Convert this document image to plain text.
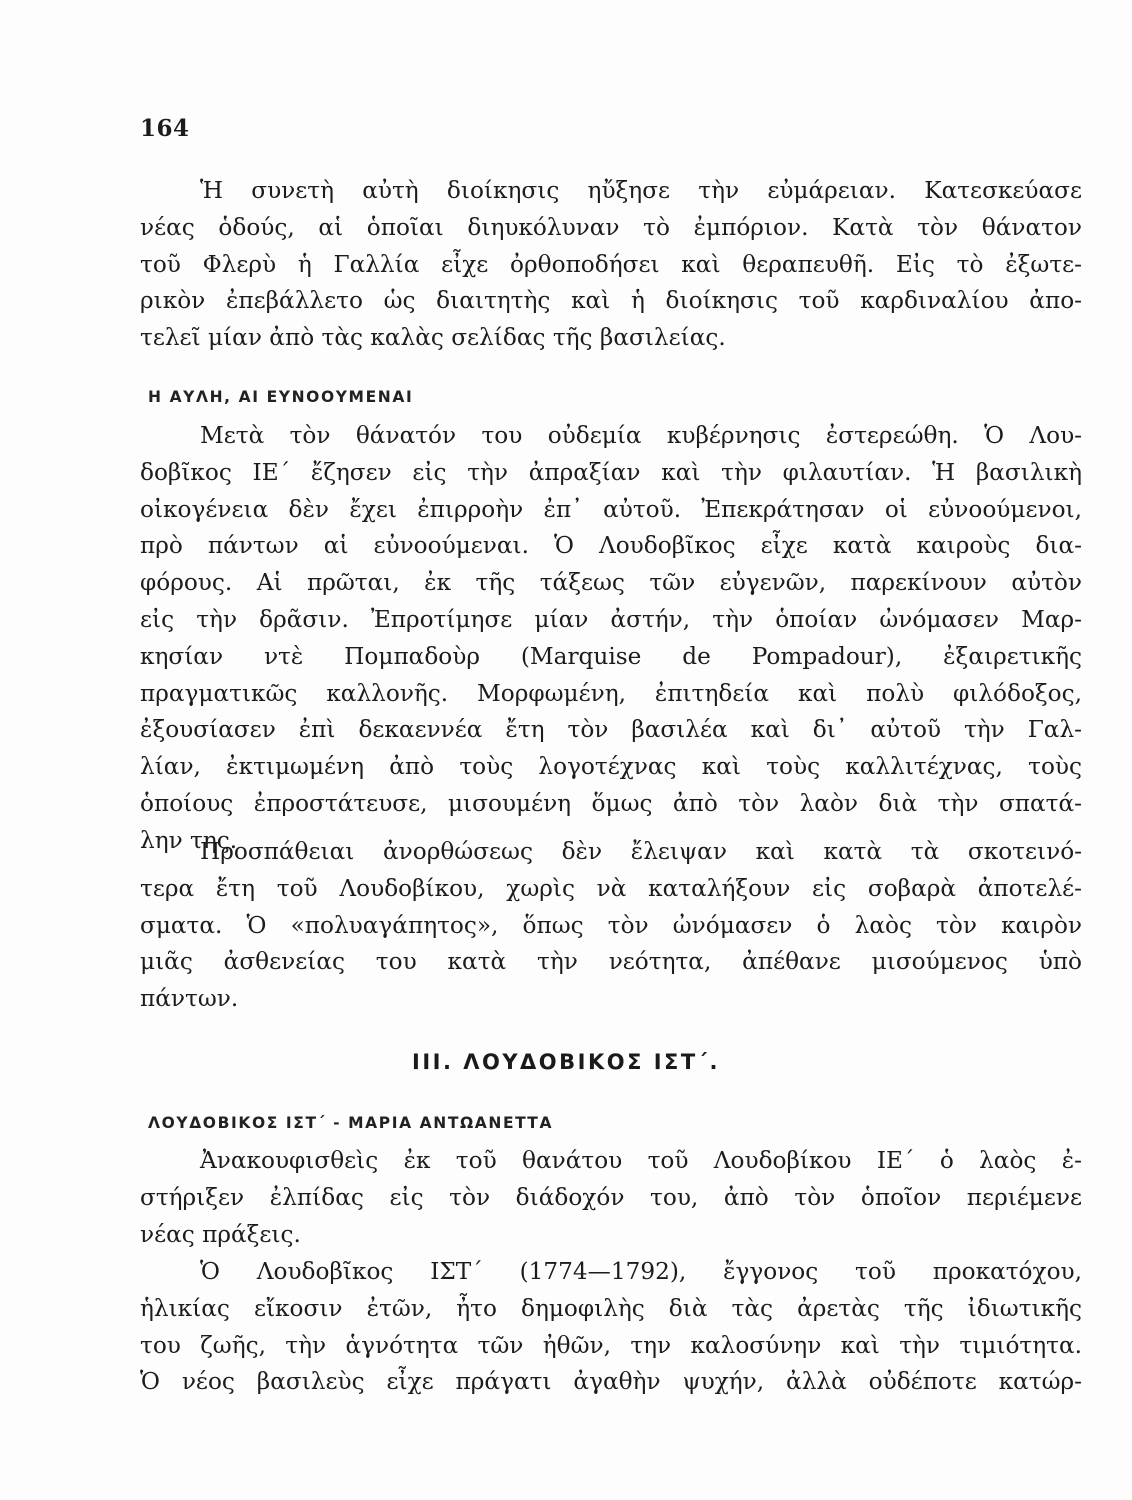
164
Ἡ συνετὴ αὐτὴ διοίκησις ηὔξησε τὴν εὐμάρειαν. Κατεσκεύασε
νέας ὁδούς, αἱ ὁποῖαι διηυκόλυναν τὸ ἐμπόριον. Κατὰ τὸν θάνατον
τοῦ Φλερὺ ἡ Γαλλία εἶχε ὀρθοποδήσει καὶ θεραπευθῆ. Εἰς τὸ ἐξωτε-
ρικὸν ἐπεβάλλετο ὡς διαιτητὴς καὶ ἡ διοίκησις τοῦ καρδιναλίου ἀπο-
τελεῖ μίαν ἀπὸ τὰς καλὰς σελίδας τῆς βασιλείας.
Η ΑΥΛΗ, ΑΙ ΕΥΝΟΟΥΜΕΝΑΙ
Μετὰ τὸν θάνατόν του οὐδεμία κυβέρνησις ἐστερεώθη. Ὁ Λου-
δοβῖκος ΙΕ΄ ἔζησεν εἰς τὴν ἀπραξίαν καὶ τὴν φιλαυτίαν. Ἡ βασιλικὴ
οἰκογένεια δὲν ἔχει ἐπιρροὴν ἐπ᾽ αὐτοῦ. Ἐπεκράτησαν οἱ εὐνοούμενοι,
πρὸ πάντων αἱ εὐνοούμεναι. Ὁ Λουδοβῖκος εἶχε κατὰ καιροὺς δια-
φόρους. Αἱ πρῶται, ἐκ τῆς τάξεως τῶν εὐγενῶν, παρεκίνουν αὐτὸν
εἰς τὴν δρᾶσιν. Ἐπροτίμησε μίαν ἀστήν, τὴν ὁποίαν ὠνόμασεν Μαρ-
κησίαν ντὲ Πομπαδοὺρ (Marquise de Pompadour), ἐξαιρετικῆς
πραγματικῶς καλλονῆς. Μορφωμένη, ἐπιτηδεία καὶ πολὺ φιλόδοξος,
ἐξουσίασεν ἐπὶ δεκαεννέα ἔτη τὸν βασιλέα καὶ δι᾽ αὐτοῦ τὴν Γαλ-
λίαν, ἐκτιμωμένη ἀπὸ τοὺς λογοτέχνας καὶ τοὺς καλλιτέχνας, τοὺς
ὁποίους ἐπροστάτευσε, μισουμένη ὅμως ἀπὸ τὸν λαὸν διὰ τὴν σπατά-
λην της.
Προσπάθειαι ἀνορθώσεως δὲν ἔλειψαν καὶ κατὰ τὰ σκοτεινό-
τερα ἔτη τοῦ Λουδοβίκου, χωρὶς νὰ καταλήξουν εἰς σοβαρὰ ἀποτελέ-
σματα. Ὁ «πολυαγάπητος», ὅπως τὸν ὠνόμασεν ὁ λαὸς τὸν καιρὸν
μιᾶς ἀσθενείας του κατὰ τὴν νεότητα, ἀπέθανε μισούμενος ὑπὸ
πάντων.
ΙΙΙ. ΛΟΥΔΟΒΙΚΟΣ ΙΣΤ΄.
ΛΟΥΔΟΒΙΚΟΣ ΙΣΤ΄ - ΜΑΡΙΑ ΑΝΤΩΑΝΕΤΤΑ
Ἀνακουφισθεὶς ἐκ τοῦ θανάτου τοῦ Λουδοβίκου ΙΕ΄ ὁ λαὸς ἐ-
στήριξεν ἐλπίδας εἰς τὸν διάδοχόν του, ἀπὸ τὸν ὁποῖον περιέμενε
νέας πράξεις.
Ὁ Λουδοβῖκος ΙΣΤ΄ (1774—1792), ἔγγονος τοῦ προκατόχου,
ἡλικίας εἴκοσιν ἐτῶν, ἦτο δημοφιλὴς διὰ τὰς ἀρετὰς τῆς ἰδιωτικῆς
του ζωῆς, τὴν ἁγνότητα τῶν ἠθῶν, την καλοσύνην καὶ τὴν τιμιότητα.
Ὁ νέος βασιλεὺς εἶχε πράγατι ἀγαθὴν ψυχήν, ἀλλὰ οὐδέποτε κατώρ-
